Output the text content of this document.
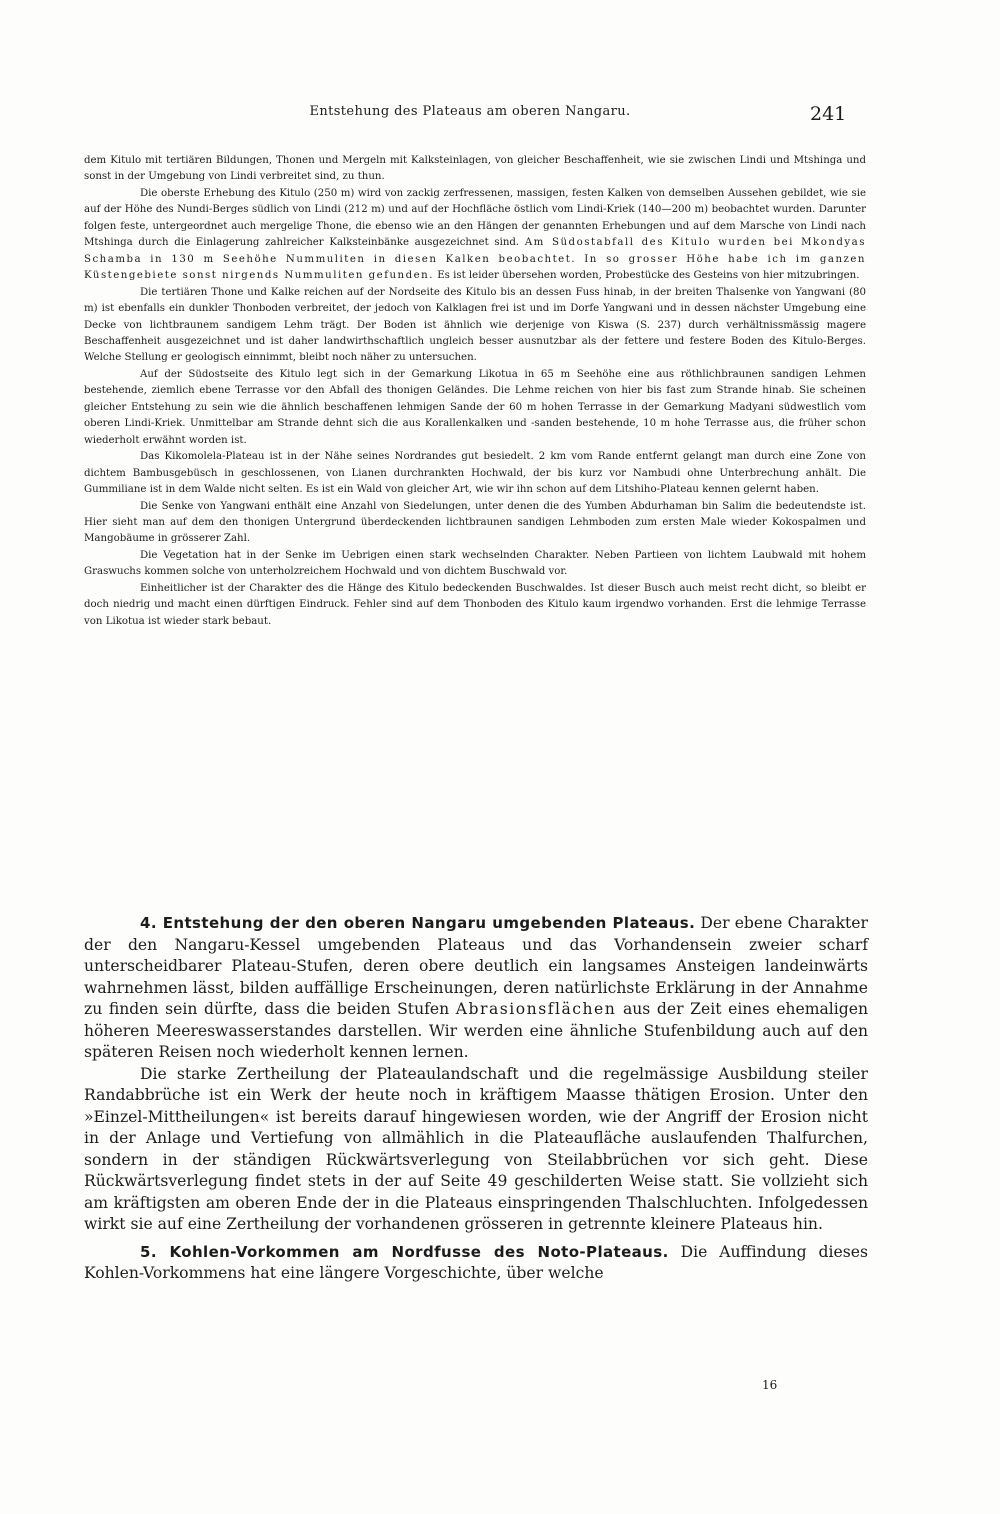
Entstehung des Plateaus am oberen Nangaru.	241

dem Kitulo mit tertiären Bildungen, Thonen und Mergeln mit Kalksteinlagen, von gleicher Beschaffenheit, wie sie zwischen Lindi und Mtshinga und sonst in der Umgebung von Lindi verbreitet sind, zu thun.

Die oberste Erhebung des Kitulo (250 m) wird von zackig zerfressenen, massigen, festen Kalken von demselben Aussehen gebildet, wie sie auf der Höhe des Nundi-Berges südlich von Lindi (212 m) und auf der Hochfläche östlich vom Lindi-Kriek (140—200 m) beobachtet wurden. Darunter folgen feste, untergeordnet auch mergelige Thone, die ebenso wie an den Hängen der genannten Erhebungen und auf dem Marsche von Lindi nach Mtshinga durch die Einlagerung zahlreicher Kalksteinbänke ausgezeichnet sind. Am Südostabfall des Kitulo wurden bei Mkondyas Schamba in 130 m Seehöhe Nummuliten in diesen Kalken beobachtet. In so grosser Höhe habe ich im ganzen Küstengebiete sonst nirgends Nummuliten gefunden. Es ist leider übersehen worden, Probestücke des Gesteins von hier mitzubringen.

Die tertiären Thone und Kalke reichen auf der Nordseite des Kitulo bis an dessen Fuss hinab, in der breiten Thalsenke von Yangwani (80 m) ist ebenfalls ein dunkler Thonboden verbreitet, der jedoch von Kalklagen frei ist und im Dorfe Yangwani und in dessen nächster Umgebung eine Decke von lichtbraunem sandigem Lehm trägt. Der Boden ist ähnlich wie derjenige von Kiswa (S. 237) durch verhältnissmässig magere Beschaffenheit ausgezeichnet und ist daher landwirthschaftlich ungleich besser ausnutzbar als der fettere und festere Boden des Kitulo-Berges. Welche Stellung er geologisch einnimmt, bleibt noch näher zu untersuchen.

Auf der Südostseite des Kitulo legt sich in der Gemarkung Likotua in 65 m Seehöhe eine aus röthlichbraunen sandigen Lehmen bestehende, ziemlich ebene Terrasse vor den Abfall des thonigen Geländes. Die Lehme reichen von hier bis fast zum Strande hinab. Sie scheinen gleicher Entstehung zu sein wie die ähnlich beschaffenen lehmigen Sande der 60 m hohen Terrasse in der Gemarkung Madyani südwestlich vom oberen Lindi-Kriek. Unmittelbar am Strande dehnt sich die aus Korallenkalken und -sanden bestehende, 10 m hohe Terrasse aus, die früher schon wiederholt erwähnt worden ist.

Das Kikomolela-Plateau ist in der Nähe seines Nordrandes gut besiedelt. 2 km vom Rande entfernt gelangt man durch eine Zone von dichtem Bambusgebüsch in geschlossenen, von Lianen durchrankten Hochwald, der bis kurz vor Nambudi ohne Unterbrechung anhält. Die Gummiliane ist in dem Walde nicht selten. Es ist ein Wald von gleicher Art, wie wir ihn schon auf dem Litshiho-Plateau kennen gelernt haben.

Die Senke von Yangwani enthält eine Anzahl von Siedelungen, unter denen die des Yumben Abdurhaman bin Salim die bedeutendste ist. Hier sieht man auf dem den thonigen Untergrund überdeckenden lichtbraunen sandigen Lehmboden zum ersten Male wieder Kokospalmen und Mangobäume in grösserer Zahl.

Die Vegetation hat in der Senke im Uebrigen einen stark wechselnden Charakter. Neben Partieen von lichtem Laubwald mit hohem Graswuchs kommen solche von unterholzreichem Hochwald und von dichtem Buschwald vor.

Einheitlicher ist der Charakter des die Hänge des Kitulo bedeckenden Buschwaldes. Ist dieser Busch auch meist recht dicht, so bleibt er doch niedrig und macht einen dürftigen Eindruck. Fehler sind auf dem Thonboden des Kitulo kaum irgendwo vorhanden. Erst die lehmige Terrasse von Likotua ist wieder stark bebaut.

4. Entstehung der den oberen Nangaru umgebenden Plateaus. Der ebene Charakter der den Nangaru-Kessel umgebenden Plateaus und das Vorhandensein zweier scharf unterscheidbarer Plateau-Stufen, deren obere deutlich ein langsames Ansteigen landeinwärts wahrnehmen lässt, bilden auffällige Erscheinungen, deren natürlichste Erklärung in der Annahme zu finden sein dürfte, dass die beiden Stufen Abrasionsflächen aus der Zeit eines ehemaligen höheren Meereswasserstandes darstellen. Wir werden eine ähnliche Stufenbildung auch auf den späteren Reisen noch wiederholt kennen lernen.

Die starke Zertheilung der Plateaulandschaft und die regelmässige Ausbildung steiler Randabbrüche ist ein Werk der heute noch in kräftigem Maasse thätigen Erosion. Unter den »Einzel-Mittheilungen« ist bereits darauf hingewiesen worden, wie der Angriff der Erosion nicht in der Anlage und Vertiefung von allmählich in die Plateaufläche auslaufenden Thalfurchen, sondern in der ständigen Rückwärtsverlegung von Steilabbrüchen vor sich geht. Diese Rückwärtsverlegung findet stets in der auf Seite 49 geschilderten Weise statt. Sie vollzieht sich am kräftigsten am oberen Ende der in die Plateaus einspringenden Thalschluchten. Infolgedessen wirkt sie auf eine Zertheilung der vorhandenen grösseren in getrennte kleinere Plateaus hin.

5. Kohlen-Vorkommen am Nordfusse des Noto-Plateaus. Die Auffindung dieses Kohlen-Vorkommens hat eine längere Vorgeschichte, über welche

16
